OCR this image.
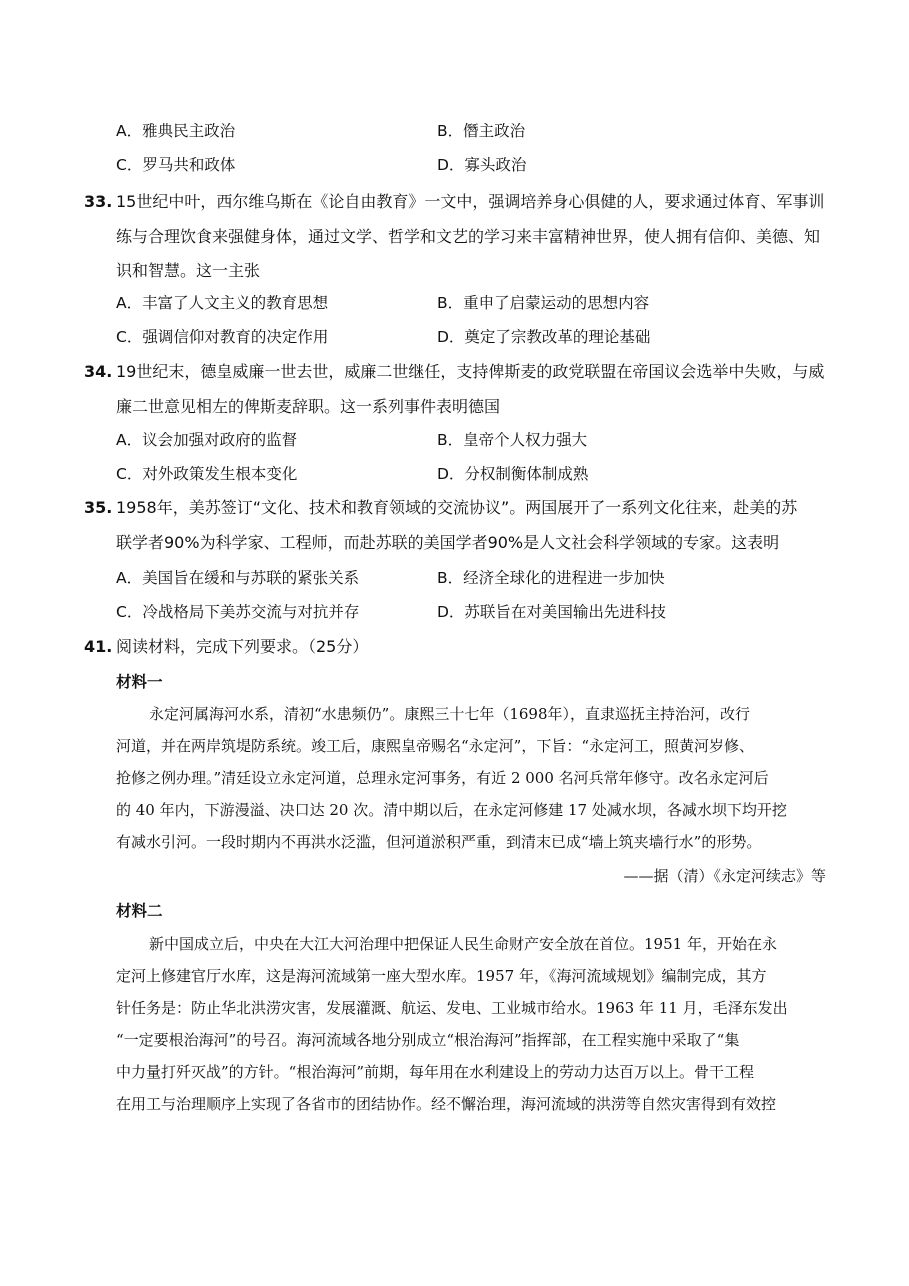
A．雅典民主政治	B．僭主政治
C．罗马共和政体	D．寡头政治
33. 15世纪中叶，西尔维乌斯在《论自由教育》一文中，强调培养身心俱健的人，要求通过体育、军事训
练与合理饮食来强健身体，通过文学、哲学和文艺的学习来丰富精神世界，使人拥有信仰、美德、知
识和智慧。这一主张
A．丰富了人文主义的教育思想	B．重申了启蒙运动的思想内容
C．强调信仰对教育的决定作用	D．奠定了宗教改革的理论基础
34. 19世纪末，德皇威廉一世去世，威廉二世继任，支持俾斯麦的政党联盟在帝国议会选举中失败，与威
廉二世意见相左的俾斯麦辞职。这一系列事件表明德国
A．议会加强对政府的监督	B．皇帝个人权力强大
C．对外政策发生根本变化	D．分权制衡体制成熟
35. 1958年，美苏签订“文化、技术和教育领域的交流协议”。两国展开了一系列文化往来，赴美的苏
联学者90%为科学家、工程师，而赴苏联的美国学者90%是人文社会科学领域的专家。这表明
A．美国旨在缓和与苏联的紧张关系	B．经济全球化的进程进一步加快
C．冷战格局下美苏交流与对抗并存	D．苏联旨在对美国输出先进科技
41. 阅读材料，完成下列要求。（25分）
材料一
永定河属海河水系，清初“水患频仍”。康熙三十七年（1698年），直隶巡抚主持治河，改行
河道，并在两岸筑堤防系统。竣工后，康熙皇帝赐名“永定河”，下旨：“永定河工，照黄河岁修、
抢修之例办理。”清廷设立永定河道，总理永定河事务，有近 2 000 名河兵常年修守。改名永定河后
的 40 年内，下游漫溢、决口达 20 次。清中期以后，在永定河修建 17 处减水坝，各减水坝下均开挖
有减水引河。一段时期内不再洪水泛滥，但河道淤积严重，到清末已成“墙上筑夹墙行水”的形势。
——据（清）《永定河续志》等
材料二
新中国成立后，中央在大江大河治理中把保证人民生命财产安全放在首位。1951 年，开始在永
定河上修建官厅水库，这是海河流域第一座大型水库。1957 年，《海河流域规划》编制完成，其方
针任务是：防止华北洪涝灾害，发展灌溉、航运、发电、工业城市给水。1963 年 11 月，毛泽东发出
“一定要根治海河”的号召。海河流域各地分别成立“根治海河”指挥部，在工程实施中采取了“集
中力量打歼灭战”的方针。“根治海河”前期，每年用在水利建设上的劳动力达百万以上。骨干工程
在用工与治理顺序上实现了各省市的团结协作。经不懈治理，海河流域的洪涝等自然灾害得到有效控
